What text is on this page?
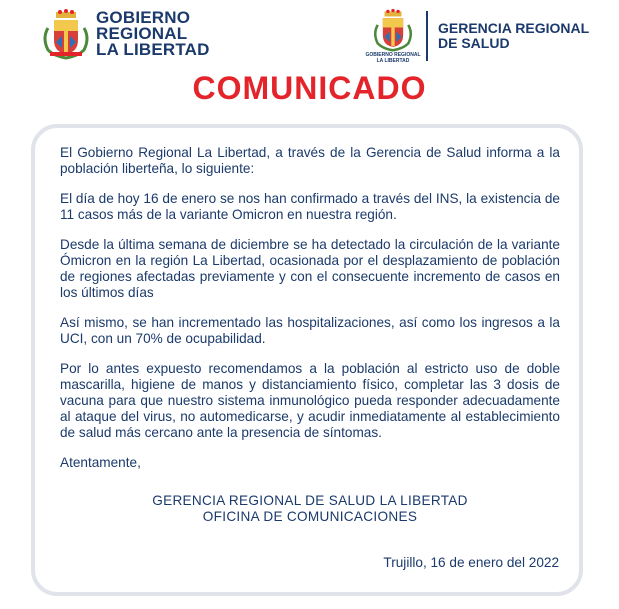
GOBIERNO
REGIONAL
LA LIBERTAD	GOBIERNO REGIONAL
LA LIBERTAD
GERENCIA REGIONAL
DE SALUD
COMUNICADO

El Gobierno Regional La Libertad, a través de la Gerencia de Salud informa a la población liberteña, lo siguiente:

El día de hoy 16 de enero se nos han confirmado a través del INS, la existencia de 11 casos más de la variante Omicron en nuestra región.

Desde la última semana de diciembre se ha detectado la circulación de la variante Ómicron en la región La Libertad, ocasionada por el desplazamiento de población de regiones afectadas previamente y con el consecuente incremento de casos en los últimos días

Así mismo, se han incrementado las hospitalizaciones, así como los ingresos a la UCI, con un 70% de ocupabilidad.

Por lo antes expuesto recomendamos a la población al estricto uso de doble mascarilla, higiene de manos y distanciamiento físico, completar las 3 dosis de vacuna para que nuestro sistema inmunológico pueda responder adecuadamente al ataque del virus, no automedicarse, y acudir inmediatamente al establecimiento de salud más cercano ante la presencia de síntomas.

Atentamente,

GERENCIA REGIONAL DE SALUD LA LIBERTAD
OFICINA DE COMUNICACIONES
Trujillo, 16 de enero del 2022
